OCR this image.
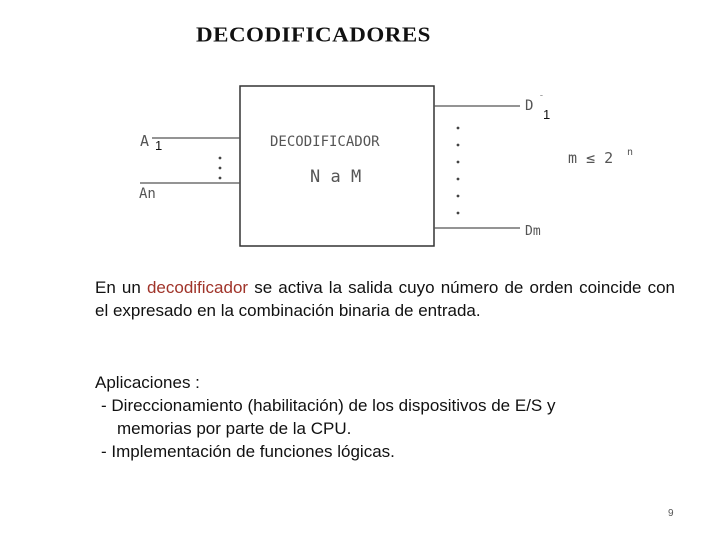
DECODIFICADORES
DECODIFICADOR
N a M
A 1
An
D ˉ
1
Dm
m ≤ 2 n
En un decodificador se activa la salida cuyo número de orden coincide con el expresado en la combinación binaria de entrada.
Aplicaciones :
- Direccionamiento (habilitación) de los dispositivos de E/S y
memorias por parte de la CPU.
- Implementación de funciones lógicas.
9
